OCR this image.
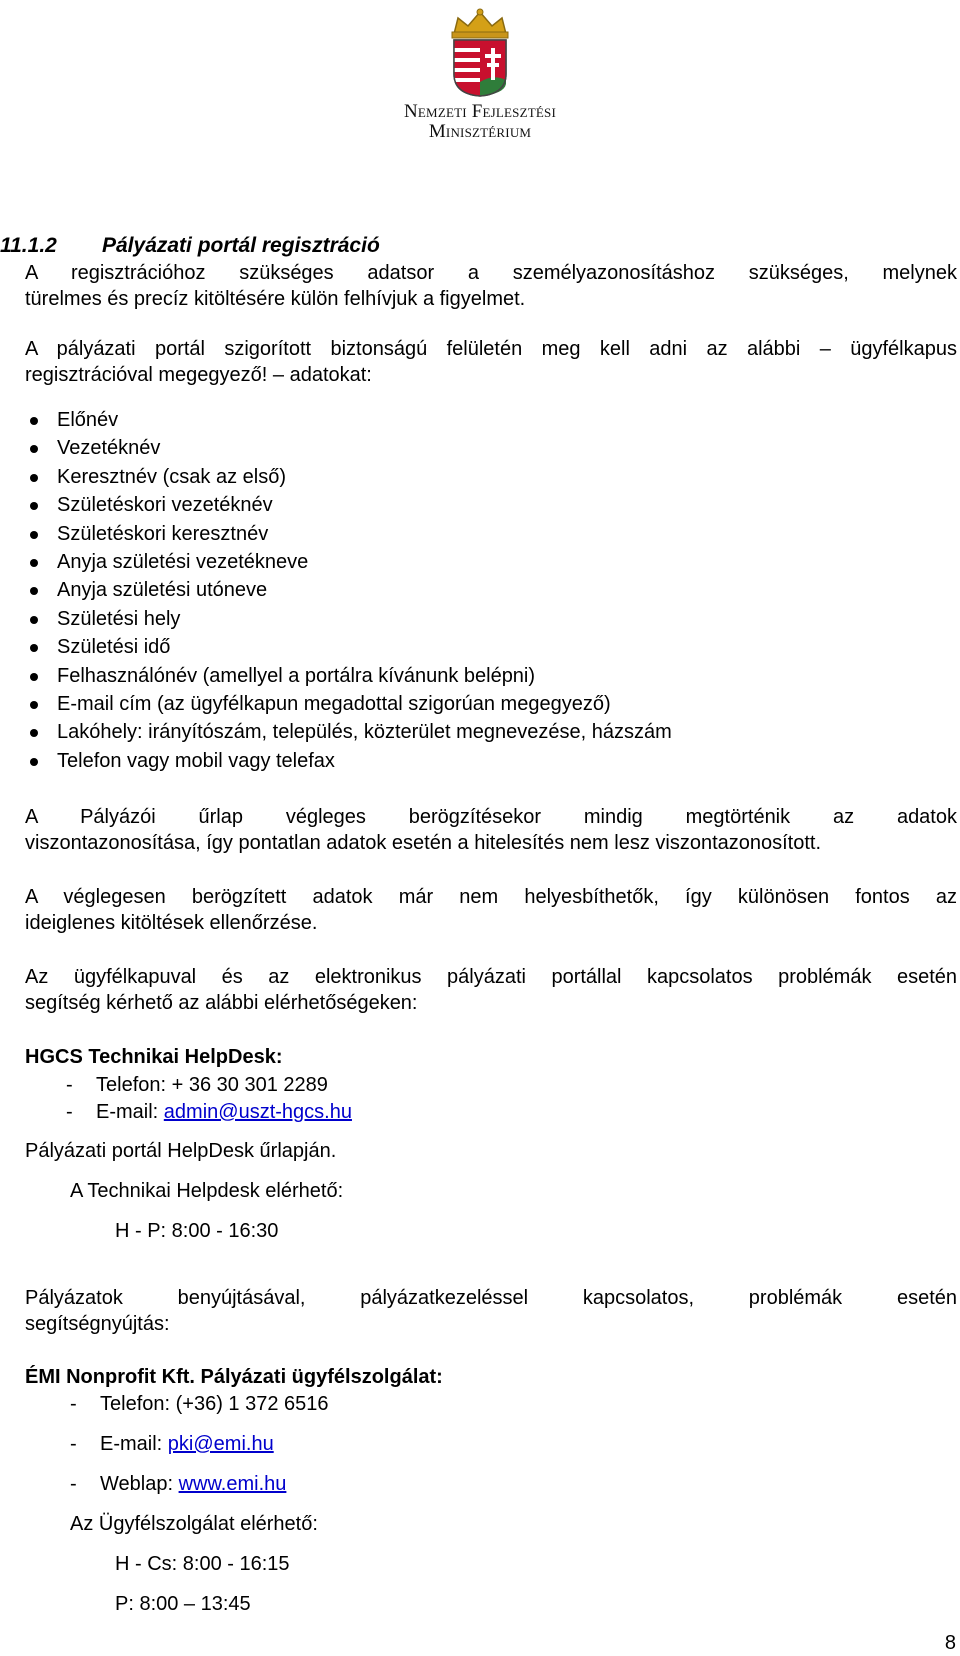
Nemzeti Fejlesztési
Minisztérium
11.1.2 Pályázati portál regisztráció
A regisztrációhoz szükséges adatsor a személyazonosításhoz szükséges, melynek
türelmes és precíz kitöltésére külön felhívjuk a figyelmet.
A pályázati portál szigorított biztonságú felületén meg kell adni az alábbi – ügyfélkapus
regisztrációval megegyező! – adatokat:
Előnév
Vezetéknév
Keresztnév (csak az első)
Születéskori vezetéknév
Születéskori keresztnév
Anyja születési vezetékneve
Anyja születési utóneve
Születési hely
Születési idő
Felhasználónév (amellyel a portálra kívánunk belépni)
E-mail cím (az ügyfélkapun megadottal szigorúan megegyező)
Lakóhely: irányítószám, település, közterület megnevezése, házszám
Telefon vagy mobil vagy telefax
A Pályázói űrlap végleges berögzítésekor mindig megtörténik az adatok
viszontazonosítása, így pontatlan adatok esetén a hitelesítés nem lesz viszontazonosított.
A véglegesen berögzített adatok már nem helyesbíthetők, így különösen fontos az
ideiglenes kitöltések ellenőrzése.
Az ügyfélkapuval és az elektronikus pályázati portállal kapcsolatos problémák esetén
segítség kérhető az alábbi elérhetőségeken:
HGCS Technikai HelpDesk:
- Telefon: + 36 30 301 2289
- E-mail: admin@uszt-hgcs.hu
Pályázati portál HelpDesk űrlapján.
A Technikai Helpdesk elérhető:
H - P: 8:00 - 16:30
Pályázatok benyújtásával, pályázatkezeléssel kapcsolatos, problémák esetén
segítségnyújtás:
ÉMI Nonprofit Kft. Pályázati ügyfélszolgálat:
- Telefon: (+36) 1 372 6516
- E-mail: pki@emi.hu
- Weblap: www.emi.hu
Az Ügyfélszolgálat elérhető:
H - Cs: 8:00 - 16:15
P: 8:00 – 13:45
8
